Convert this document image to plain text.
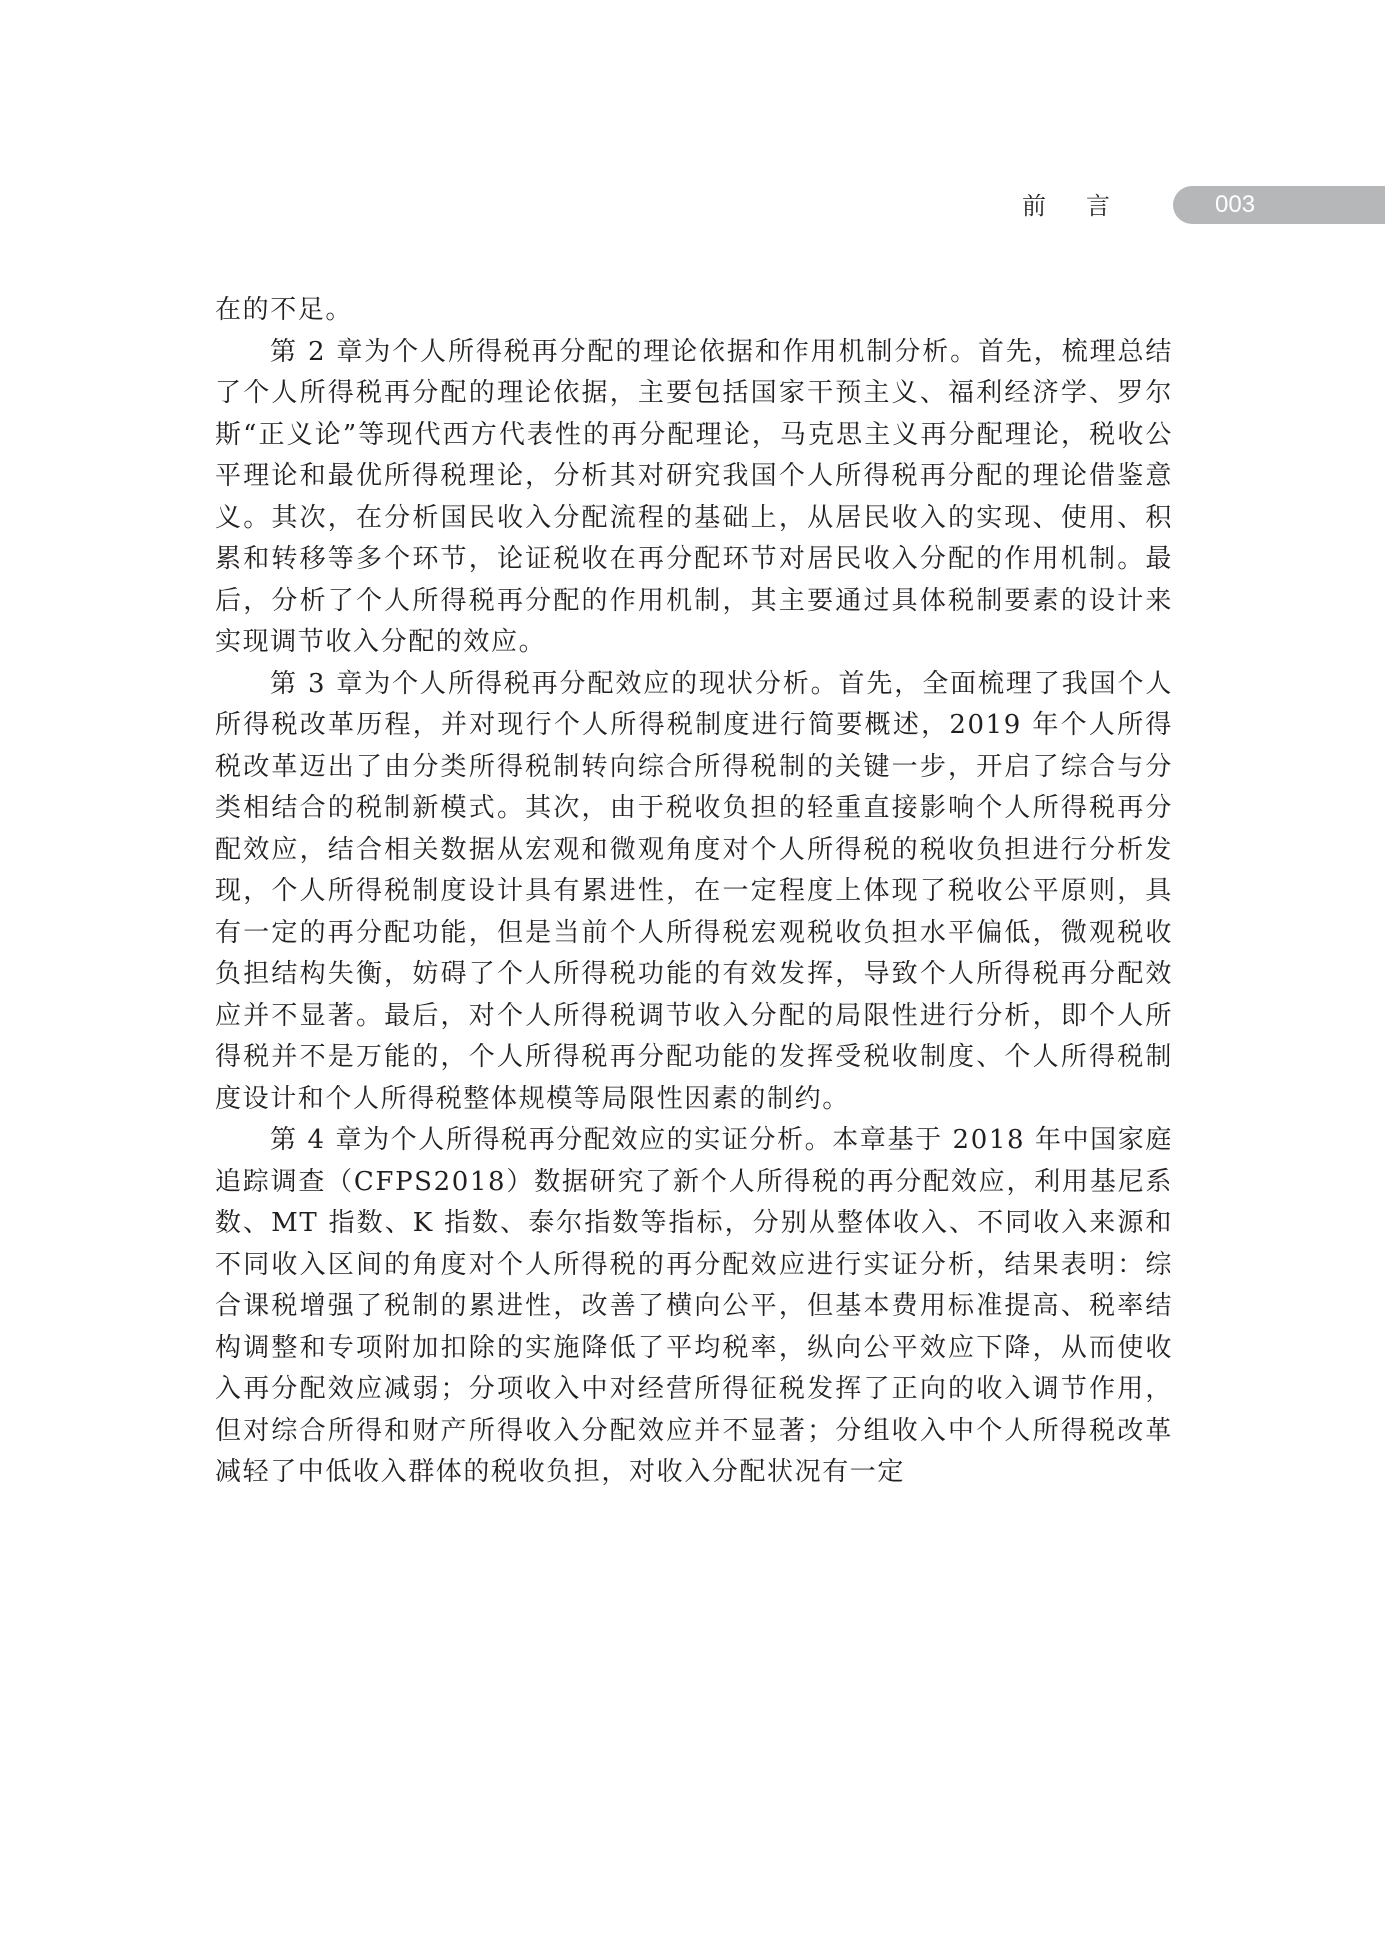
前言	003

在的不足。

第 2 章为个人所得税再分配的理论依据和作用机制分析。首先，梳理总结了个人所得税再分配的理论依据，主要包括国家干预主义、福利经济学、罗尔斯“正义论”等现代西方代表性的再分配理论，马克思主义再分配理论，税收公平理论和最优所得税理论，分析其对研究我国个人所得税再分配的理论借鉴意义。其次，在分析国民收入分配流程的基础上，从居民收入的实现、使用、积累和转移等多个环节，论证税收在再分配环节对居民收入分配的作用机制。最后，分析了个人所得税再分配的作用机制，其主要通过具体税制要素的设计来实现调节收入分配的效应。

第 3 章为个人所得税再分配效应的现状分析。首先，全面梳理了我国个人所得税改革历程，并对现行个人所得税制度进行简要概述，2019 年个人所得税改革迈出了由分类所得税制转向综合所得税制的关键一步，开启了综合与分类相结合的税制新模式。其次，由于税收负担的轻重直接影响个人所得税再分配效应，结合相关数据从宏观和微观角度对个人所得税的税收负担进行分析发现，个人所得税制度设计具有累进性，在一定程度上体现了税收公平原则，具有一定的再分配功能，但是当前个人所得税宏观税收负担水平偏低，微观税收负担结构失衡，妨碍了个人所得税功能的有效发挥，导致个人所得税再分配效应并不显著。最后，对个人所得税调节收入分配的局限性进行分析，即个人所得税并不是万能的，个人所得税再分配功能的发挥受税收制度、个人所得税制度设计和个人所得税整体规模等局限性因素的制约。

第 4 章为个人所得税再分配效应的实证分析。本章基于 2018 年中国家庭追踪调查（CFPS2018）数据研究了新个人所得税的再分配效应，利用基尼系数、MT 指数、K 指数、泰尔指数等指标，分别从整体收入、不同收入来源和不同收入区间的角度对个人所得税的再分配效应进行实证分析，结果表明：综合课税增强了税制的累进性，改善了横向公平，但基本费用标准提高、税率结构调整和专项附加扣除的实施降低了平均税率，纵向公平效应下降，从而使收入再分配效应减弱；分项收入中对经营所得征税发挥了正向的收入调节作用，但对综合所得和财产所得收入分配效应并不显著；分组收入中个人所得税改革减轻了中低收入群体的税收负担，对收入分配状况有一定
